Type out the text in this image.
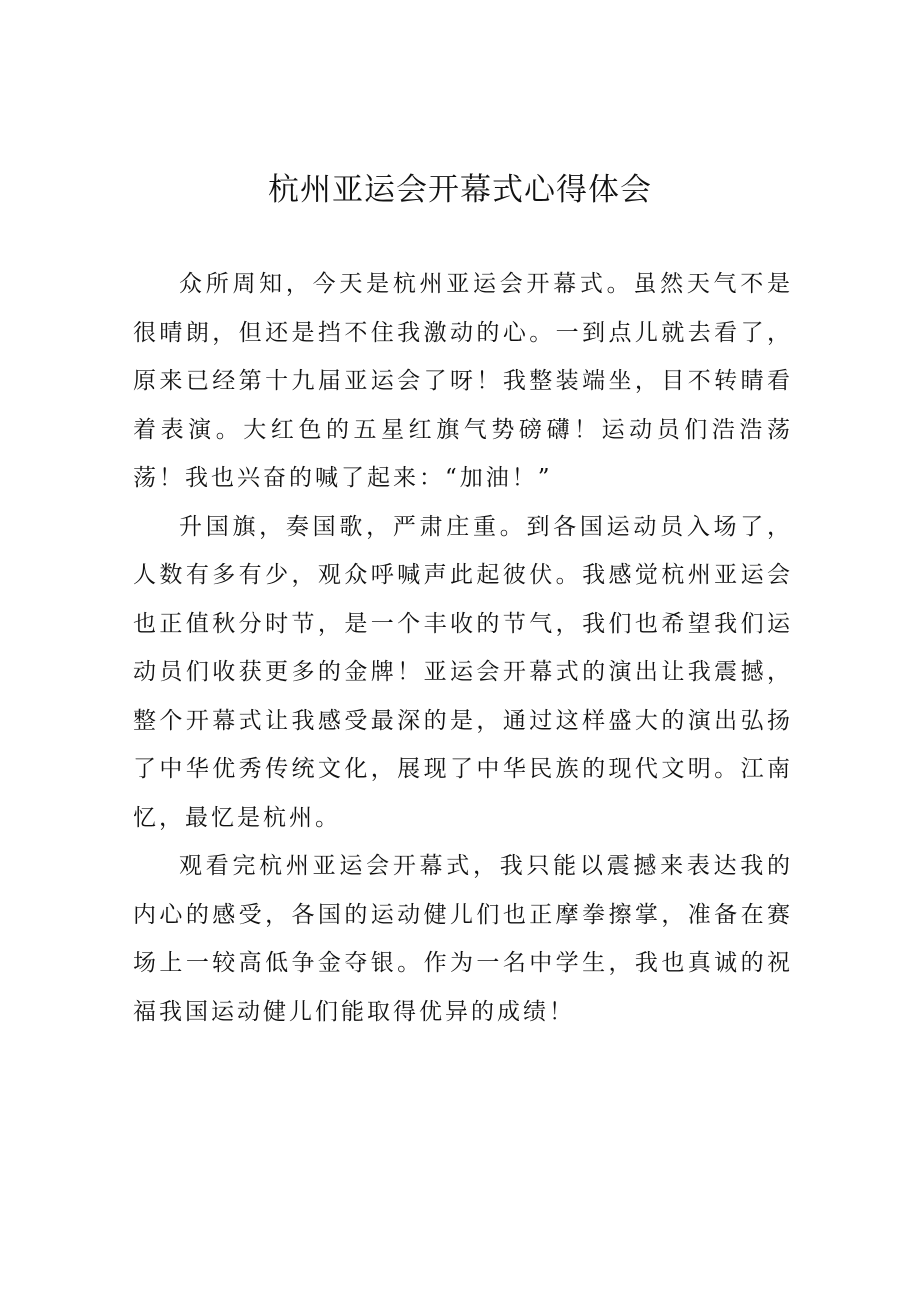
杭州亚运会开幕式心得体会

众所周知，今天是杭州亚运会开幕式。虽然天气不是很晴朗，但还是挡不住我激动的心。一到点儿就去看了，原来已经第十九届亚运会了呀！我整装端坐，目不转睛看着表演。大红色的五星红旗气势磅礴！运动员们浩浩荡荡！我也兴奋的喊了起来：“加油！”

升国旗，奏国歌，严肃庄重。到各国运动员入场了，人数有多有少，观众呼喊声此起彼伏。我感觉杭州亚运会也正值秋分时节，是一个丰收的节气，我们也希望我们运动员们收获更多的金牌！亚运会开幕式的演出让我震撼，整个开幕式让我感受最深的是，通过这样盛大的演出弘扬了中华优秀传统文化，展现了中华民族的现代文明。江南忆，最忆是杭州。

观看完杭州亚运会开幕式，我只能以震撼来表达我的内心的感受，各国的运动健儿们也正摩拳擦掌，准备在赛场上一较高低争金夺银。作为一名中学生，我也真诚的祝福我国运动健儿们能取得优异的成绩！
